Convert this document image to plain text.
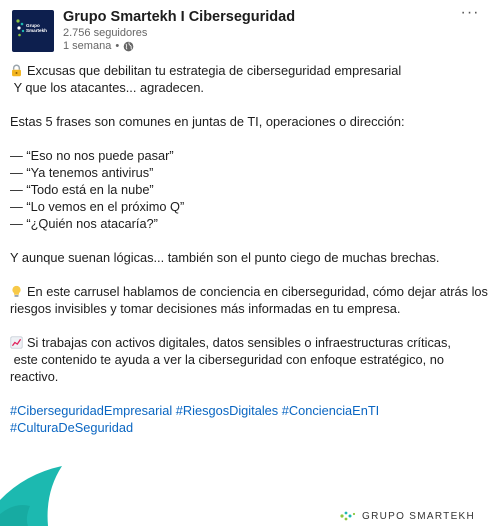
Grupo
Smartekh
Grupo Smartekh I Ciberseguridad
2.756 seguidores
1 semana •
···
Excusas que debilitan tu estrategia de ciberseguridad empresarial
Y que los atacantes... agradecen.
Estas 5 frases son comunes en juntas de TI, operaciones o dirección:
— “Eso no nos puede pasar”
— “Ya tenemos antivirus”
— “Todo está en la nube”
— “Lo vemos en el próximo Q”
— “¿Quién nos atacaría?”
Y aunque suenan lógicas... también son el punto ciego de muchas brechas.
En este carrusel hablamos de conciencia en ciberseguridad, cómo dejar atrás los
riesgos invisibles y tomar decisiones más informadas en tu empresa.
Si trabajas con activos digitales, datos sensibles o infraestructuras críticas,
este contenido te ayuda a ver la ciberseguridad con enfoque estratégico, no
reactivo.
#CiberseguridadEmpresarial #RiesgosDigitales #ConcienciaEnTI
#CulturaDeSeguridad
GRUPO SMARTEKH
